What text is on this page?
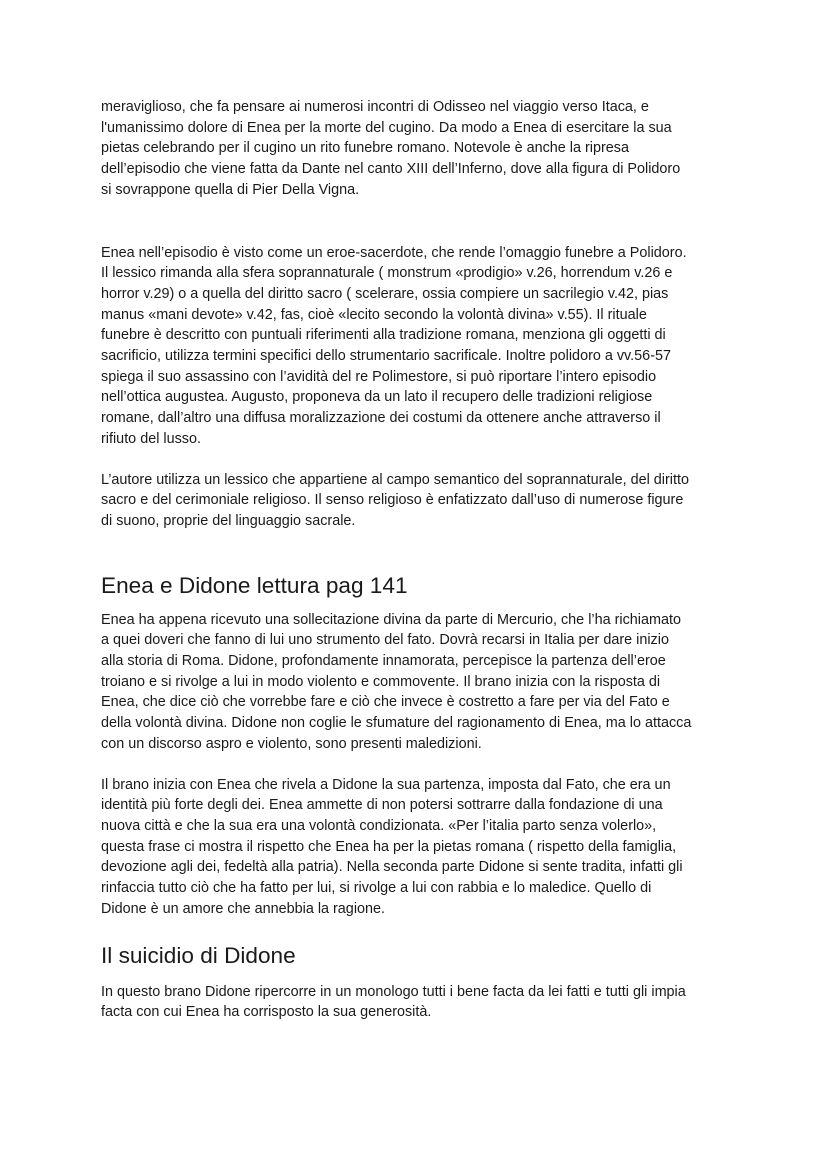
meraviglioso, che fa pensare ai numerosi incontri di Odisseo nel viaggio verso Itaca, e
l'umanissimo dolore di Enea per la morte del cugino. Da modo a Enea di esercitare la sua
pietas celebrando per il cugino un rito funebre romano. Notevole è anche la ripresa
dell’episodio che viene fatta da Dante nel canto XIII dell’Inferno, dove alla figura di Polidoro
si sovrappone quella di Pier Della Vigna.

Enea nell’episodio è visto come un eroe-sacerdote, che rende l’omaggio funebre a Polidoro.
Il lessico rimanda alla sfera soprannaturale ( monstrum «prodigio» v.26, horrendum v.26 e
horror v.29) o a quella del diritto sacro ( scelerare, ossia compiere un sacrilegio v.42, pias
manus «mani devote» v.42, fas, cioè «lecito secondo la volontà divina» v.55). Il rituale
funebre è descritto con puntuali riferimenti alla tradizione romana, menziona gli oggetti di
sacrificio, utilizza termini specifici dello strumentario sacrificale. Inoltre polidoro a vv.56-57
spiega il suo assassino con l’avidità del re Polimestore, si può riportare l’intero episodio
nell’ottica augustea. Augusto, proponeva da un lato il recupero delle tradizioni religiose
romane, dall’altro una diffusa moralizzazione dei costumi da ottenere anche attraverso il
rifiuto del lusso.

L’autore utilizza un lessico che appartiene al campo semantico del soprannaturale, del diritto
sacro e del cerimoniale religioso. Il senso religioso è enfatizzato dall’uso di numerose figure
di suono, proprie del linguaggio sacrale.

Enea e Didone lettura pag 141

Enea ha appena ricevuto una sollecitazione divina da parte di Mercurio, che l’ha richiamato
a quei doveri che fanno di lui uno strumento del fato. Dovrà recarsi in Italia per dare inizio
alla storia di Roma. Didone, profondamente innamorata, percepisce la partenza dell’eroe
troiano e si rivolge a lui in modo violento e commovente. Il brano inizia con la risposta di
Enea, che dice ciò che vorrebbe fare e ciò che invece è costretto a fare per via del Fato e
della volontà divina. Didone non coglie le sfumature del ragionamento di Enea, ma lo attacca
con un discorso aspro e violento, sono presenti maledizioni.

Il brano inizia con Enea che rivela a Didone la sua partenza, imposta dal Fato, che era un
identità più forte degli dei. Enea ammette di non potersi sottrarre dalla fondazione di una
nuova città e che la sua era una volontà condizionata. «Per l’italia parto senza volerlo»,
questa frase ci mostra il rispetto che Enea ha per la pietas romana ( rispetto della famiglia,
devozione agli dei, fedeltà alla patria). Nella seconda parte Didone si sente tradita, infatti gli
rinfaccia tutto ciò che ha fatto per lui, si rivolge a lui con rabbia e lo maledice. Quello di
Didone è un amore che annebbia la ragione.

Il suicidio di Didone

In questo brano Didone ripercorre in un monologo tutti i bene facta da lei fatti e tutti gli impia
facta con cui Enea ha corrisposto la sua generosità.
